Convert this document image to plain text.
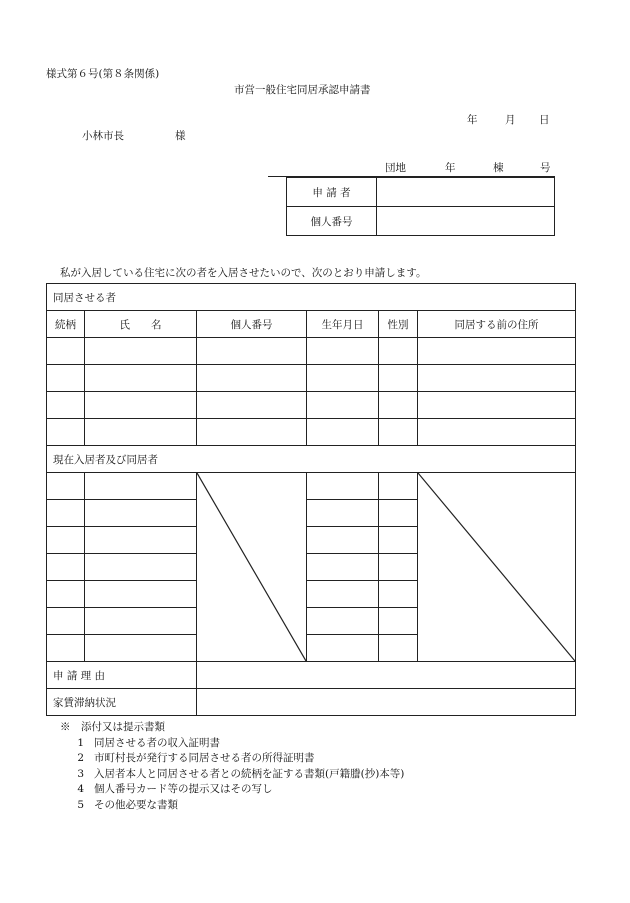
様式第６号(第８条関係)
市営一般住宅同居承認申請書
年	月 日
小林市長	様
団地	年	棟	号
申 請 者	
個人番号	
私が入居している住宅に次の者を入居させたいので、次のとおり申請します。
同居させる者					
続柄	氏　　名	個人番号	生年月日	性別	同居する前の住所

現在入居者及び同居者					

申 請 理 由					
家賃滞納状況					
※　添付又は提示書類
1 同居させる者の収入証明書
2 市町村長が発行する同居させる者の所得証明書
3 入居者本人と同居させる者との続柄を証する書類(戸籍謄(抄)本等)
4 個人番号カード等の提示又はその写し
5 その他必要な書類
